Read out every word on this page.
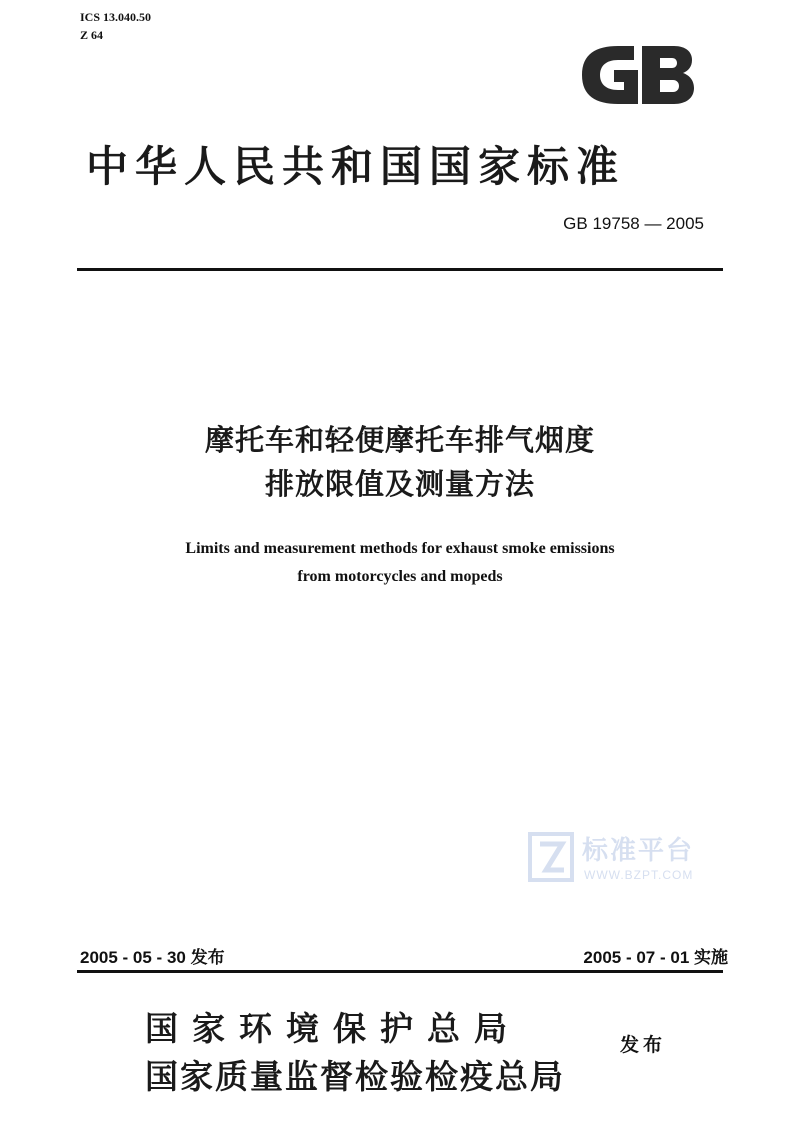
ICS 13.040.50
Z 64
中华人民共和国国家标准
GB 19758 — 2005
摩托车和轻便摩托车排气烟度
排放限值及测量方法
Limits and measurement methods for exhaust smoke emissions
from motorcycles and mopeds
标准平台
WWW.BZPT.COM
2005 - 05 - 30 发布	2005 - 07 - 01 实施
国家环境保护总局
国家质量监督检验检疫总局
发布
